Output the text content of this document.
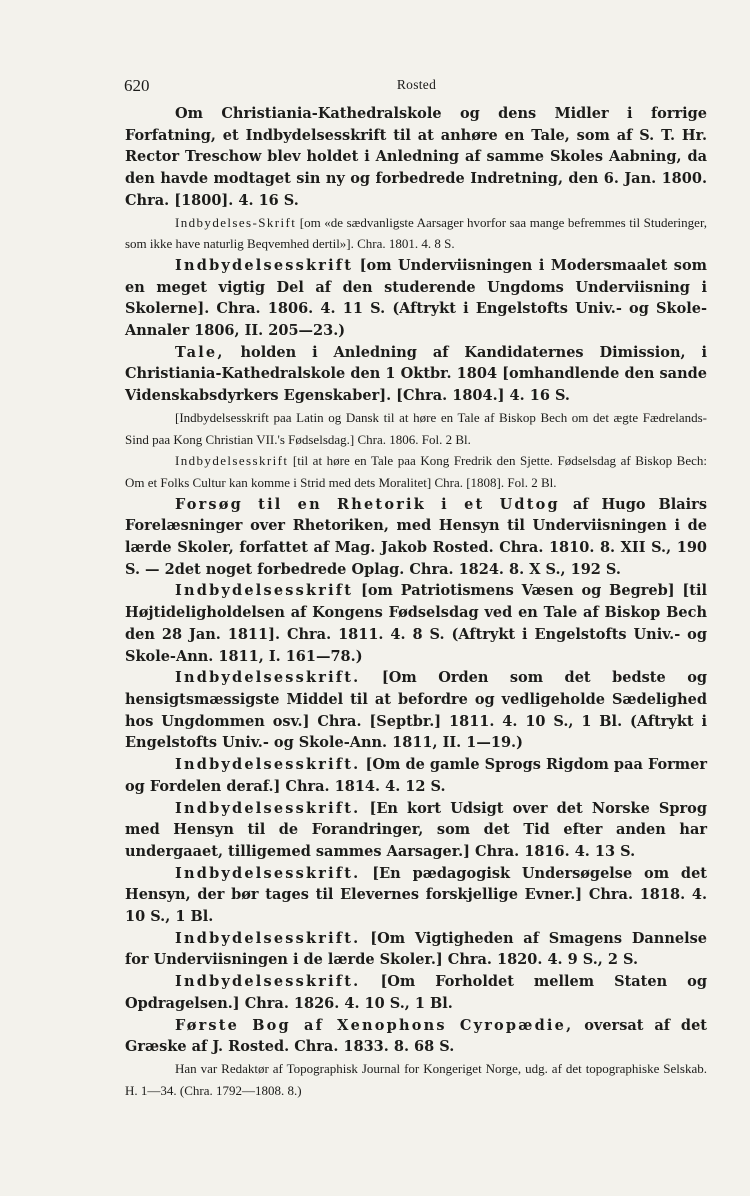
620	Rosted

Om Christiania-Kathedralskole og dens Midler i forrige Forfatning, et Indbydelsesskrift til at anhøre en Tale, som af S. T. Hr. Rector Treschow blev holdet i Anledning af samme Skoles Aabning, da den havde modtaget sin ny og forbedrede Indretning, den 6. Jan. 1800. Chra. [1800]. 4. 16 S.

Indbydelses-Skrift [om «de sædvanligste Aarsager hvorfor saa mange befremmes til Studeringer, som ikke have naturlig Beqvemhed dertil»]. Chra. 1801. 4. 8 S.

Indbydelsesskrift [om Underviisningen i Modersmaalet som en meget vigtig Del af den studerende Ungdoms Underviisning i Skolerne]. Chra. 1806. 4. 11 S. (Aftrykt i Engelstofts Univ.- og Skole-Annaler 1806, II. 205—23.)

Tale, holden i Anledning af Kandidaternes Dimission, i Christiania-Kathedralskole den 1 Oktbr. 1804 [omhandlende den sande Videnskabsdyrkers Egenskaber]. [Chra. 1804.] 4. 16 S.

[Indbydelsesskrift paa Latin og Dansk til at høre en Tale af Biskop Bech om det ægte Fædrelands-Sind paa Kong Christian VII.'s Fødselsdag.] Chra. 1806. Fol. 2 Bl.

Indbydelsesskrift [til at høre en Tale paa Kong Fredrik den Sjette. Fødselsdag af Biskop Bech: Om et Folks Cultur kan komme i Strid med dets Moralitet] Chra. [1808]. Fol. 2 Bl.

Forsøg til en Rhetorik i et Udtog af Hugo Blairs Forelæsninger over Rhetoriken, med Hensyn til Underviisningen i de lærde Skoler, forfattet af Mag. Jakob Rosted. Chra. 1810. 8. XII S., 190 S. — 2det noget forbedrede Oplag. Chra. 1824. 8. X S., 192 S.

Indbydelsesskrift [om Patriotismens Væsen og Begreb] [til Højtideligholdelsen af Kongens Fødselsdag ved en Tale af Biskop Bech den 28 Jan. 1811]. Chra. 1811. 4. 8 S. (Aftrykt i Engelstofts Univ.- og Skole-Ann. 1811, I. 161—78.)

Indbydelsesskrift. [Om Orden som det bedste og hensigtsmæssigste Middel til at befordre og vedligeholde Sædelighed hos Ungdommen osv.] Chra. [Septbr.] 1811. 4. 10 S., 1 Bl. (Aftrykt i Engelstofts Univ.- og Skole-Ann. 1811, II. 1—19.)

Indbydelsesskrift. [Om de gamle Sprogs Rigdom paa Former og Fordelen deraf.] Chra. 1814. 4. 12 S.

Indbydelsesskrift. [En kort Udsigt over det Norske Sprog med Hensyn til de Forandringer, som det Tid efter anden har undergaaet, tilligemed sammes Aarsager.] Chra. 1816. 4. 13 S.

Indbydelsesskrift. [En pædagogisk Undersøgelse om det Hensyn, der bør tages til Elevernes forskjellige Evner.] Chra. 1818. 4. 10 S., 1 Bl.

Indbydelsesskrift. [Om Vigtigheden af Smagens Dannelse for Underviisningen i de lærde Skoler.] Chra. 1820. 4. 9 S., 2 S.

Indbydelsesskrift. [Om Forholdet mellem Staten og Opdragelsen.] Chra. 1826. 4. 10 S., 1 Bl.

Første Bog af Xenophons Cyropædie, oversat af det Græske af J. Rosted. Chra. 1833. 8. 68 S.

Han var Redaktør af Topographisk Journal for Kongeriget Norge, udg. af det topographiske Selskab. H. 1—34. (Chra. 1792—1808. 8.)
